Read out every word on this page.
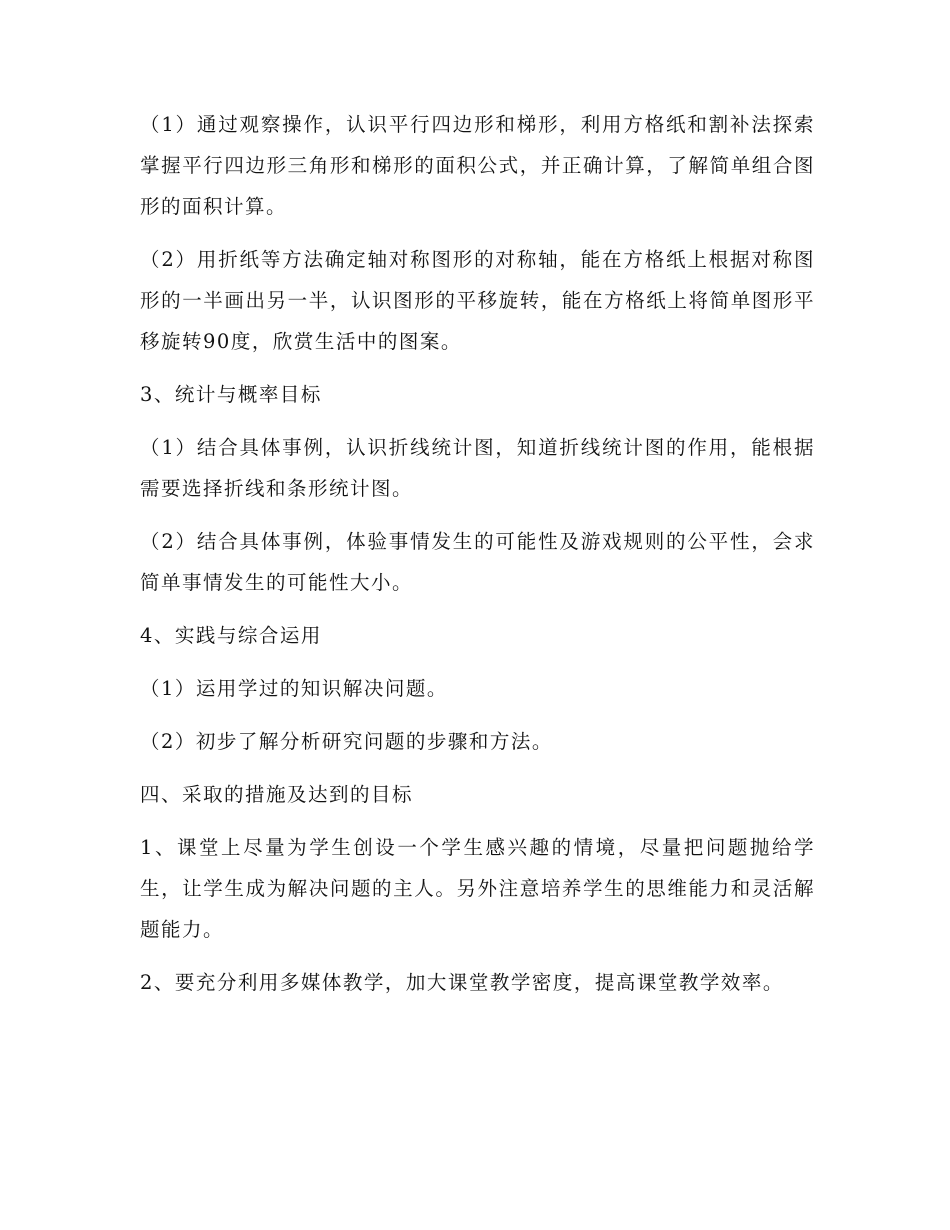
（1）通过观察操作，认识平行四边形和梯形，利用方格纸和割补法探索掌握平行四边形三角形和梯形的面积公式，并正确计算，了解简单组合图形的面积计算。

（2）用折纸等方法确定轴对称图形的对称轴，能在方格纸上根据对称图形的一半画出另一半，认识图形的平移旋转，能在方格纸上将简单图形平移旋转90度，欣赏生活中的图案。

3、统计与概率目标

（1）结合具体事例，认识折线统计图，知道折线统计图的作用，能根据需要选择折线和条形统计图。

（2）结合具体事例，体验事情发生的可能性及游戏规则的公平性，会求简单事情发生的可能性大小。

4、实践与综合运用

（1）运用学过的知识解决问题。

（2）初步了解分析研究问题的步骤和方法。

四、采取的措施及达到的目标

1、课堂上尽量为学生创设一个学生感兴趣的情境，尽量把问题抛给学生，让学生成为解决问题的主人。另外注意培养学生的思维能力和灵活解题能力。

2、要充分利用多媒体教学，加大课堂教学密度，提高课堂教学效率。
